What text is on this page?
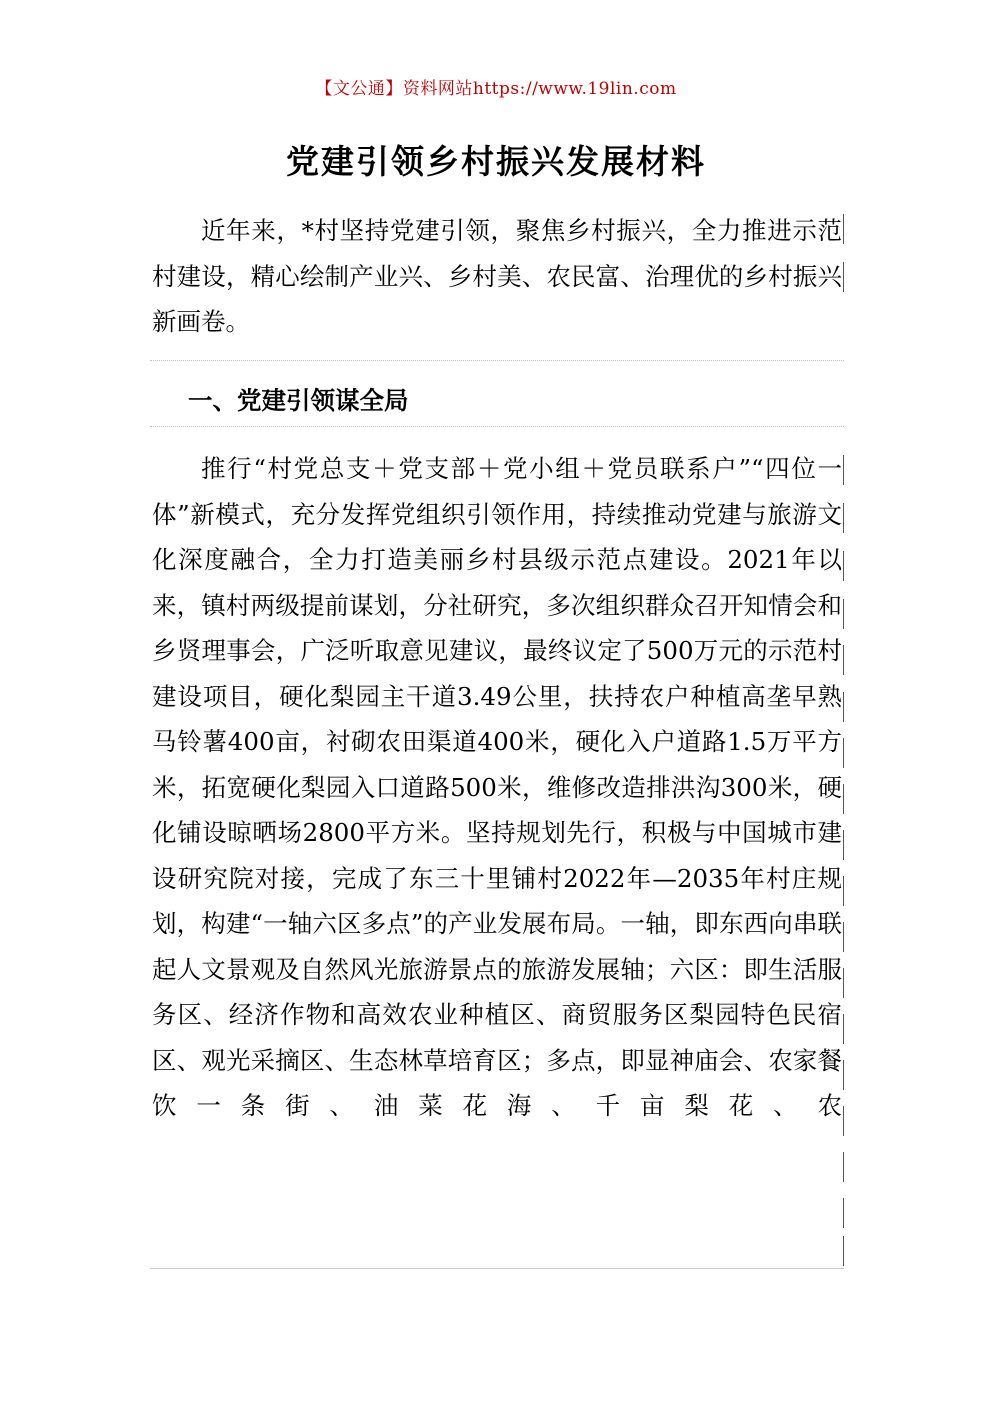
【文公通】资料网站https://www.19lin.com
党建引领乡村振兴发展材料

近年来，*村坚持党建引领，聚焦乡村振兴，全力推进示范村建设，精心绘制产业兴、乡村美、农民富、治理优的乡村振兴新画卷。

一、党建引领谋全局

推行“村党总支＋党支部＋党小组＋党员联系户”“四位一体”新模式，充分发挥党组织引领作用，持续推动党建与旅游文化深度融合，全力打造美丽乡村县级示范点建设。2021年以来，镇村两级提前谋划，分社研究，多次组织群众召开知情会和乡贤理事会，广泛听取意见建议，最终议定了500万元的示范村建设项目，硬化梨园主干道3.49公里，扶持农户种植高垄早熟马铃薯400亩，衬砌农田渠道400米，硬化入户道路1.5万平方米，拓宽硬化梨园入口道路500米，维修改造排洪沟300米，硬化铺设晾晒场2800平方米。坚持规划先行，积极与中国城市建设研究院对接，完成了东三十里铺村2022年—2035年村庄规划，构建“一轴六区多点”的产业发展布局。一轴，即东西向串联起人文景观及自然风光旅游景点的旅游发展轴；六区：即生活服务区、经济作物和高效农业种植区、商贸服务区梨园特色民宿区、观光采摘区、生态林草培育区；多点，即显神庙会、农家餐饮一条街、油菜花海、千亩梨花、农
